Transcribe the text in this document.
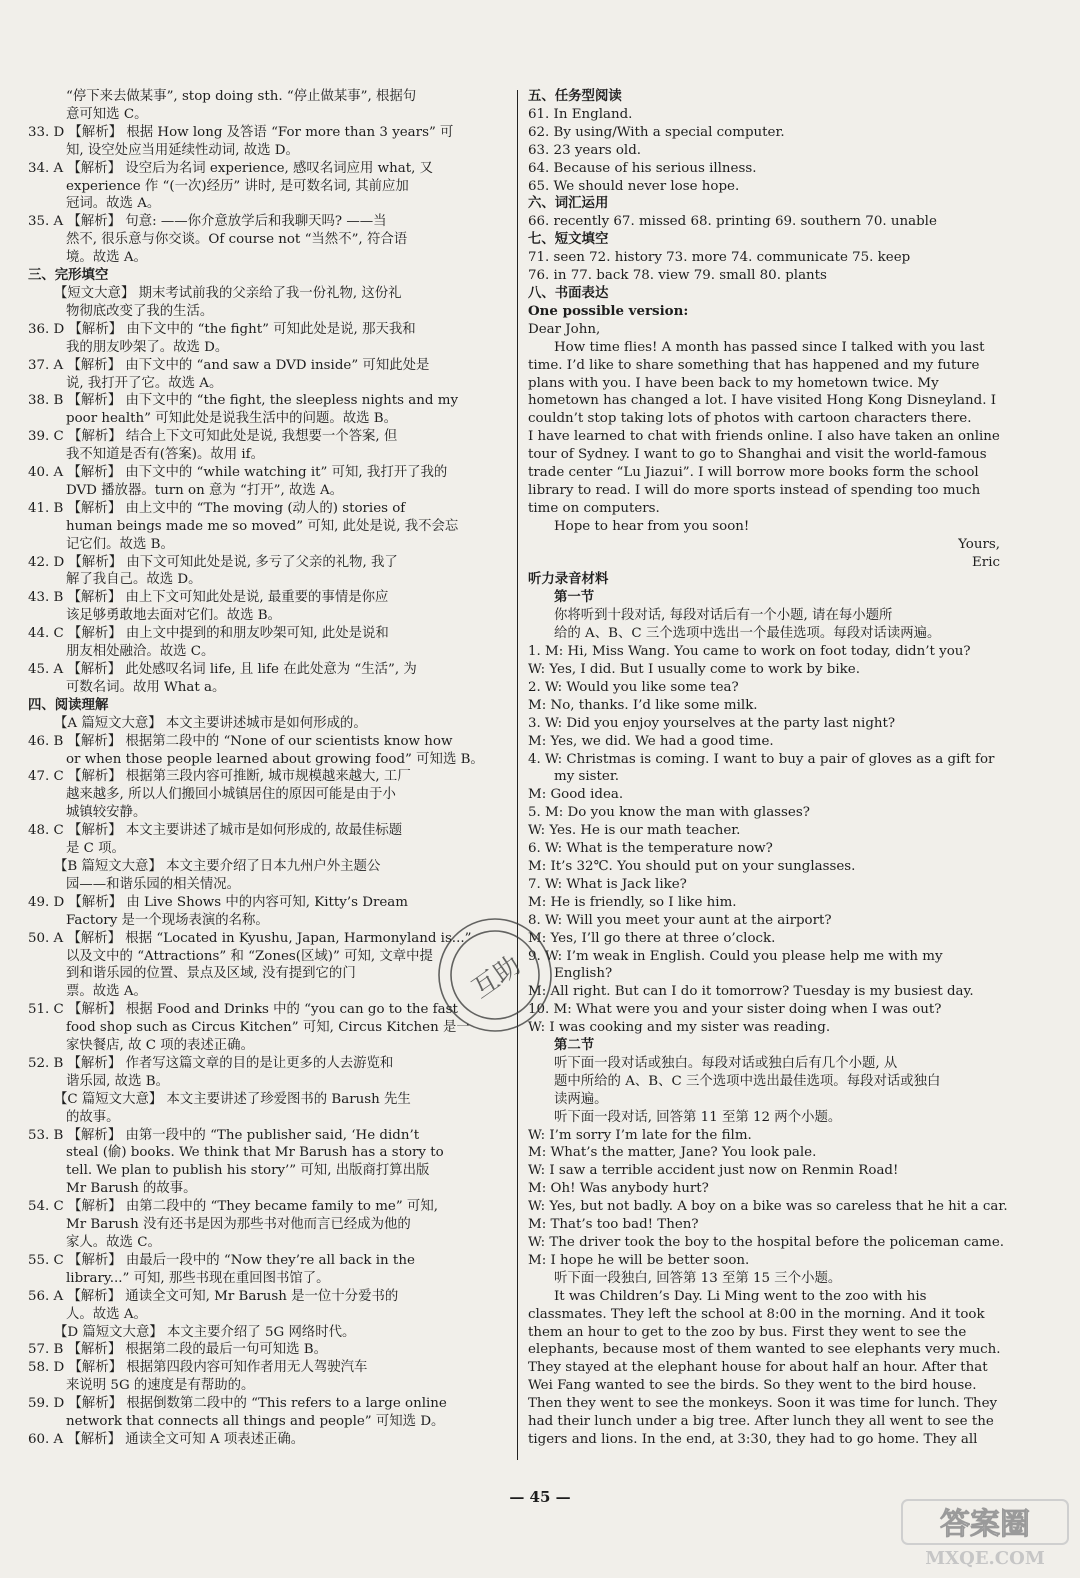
“停下来去做某事”, stop doing sth. “停止做某事”, 根据句
意可知选 C。
33. D 【解析】 根据 How long 及答语 “For more than 3 years” 可
知, 设空处应当用延续性动词, 故选 D。
34. A 【解析】 设空后为名词 experience, 感叹名词应用 what, 又
experience 作 “(一次)经历” 讲时, 是可数名词, 其前应加
冠词。故选 A。
35. A 【解析】 句意: ——你介意放学后和我聊天吗? ——当
然不, 很乐意与你交谈。Of course not “当然不”, 符合语
境。故选 A。
三、完形填空
【短文大意】 期末考试前我的父亲给了我一份礼物, 这份礼
物彻底改变了我的生活。
36. D 【解析】 由下文中的 “the fight” 可知此处是说, 那天我和
我的朋友吵架了。故选 D。
37. A 【解析】 由下文中的 “and saw a DVD inside” 可知此处是
说, 我打开了它。故选 A。
38. B 【解析】 由下文中的 “the fight, the sleepless nights and my
poor health” 可知此处是说我生活中的问题。故选 B。
39. C 【解析】 结合上下文可知此处是说, 我想要一个答案, 但
我不知道是否有(答案)。故用 if。
40. A 【解析】 由下文中的 “while watching it” 可知, 我打开了我的
DVD 播放器。turn on 意为 “打开”, 故选 A。
41. B 【解析】 由上文中的 “The moving (动人的) stories of
human beings made me so moved” 可知, 此处是说, 我不会忘
记它们。故选 B。
42. D 【解析】 由下文可知此处是说, 多亏了父亲的礼物, 我了
解了我自己。故选 D。
43. B 【解析】 由上下文可知此处是说, 最重要的事情是你应
该足够勇敢地去面对它们。故选 B。
44. C 【解析】 由上文中提到的和朋友吵架可知, 此处是说和
朋友相处融洽。故选 C。
45. A 【解析】 此处感叹名词 life, 且 life 在此处意为 “生活”, 为
可数名词。故用 What a。
四、阅读理解
【A 篇短文大意】 本文主要讲述城市是如何形成的。
46. B 【解析】 根据第二段中的 “None of our scientists know how
or when those people learned about growing food” 可知选 B。
47. C 【解析】 根据第三段内容可推断, 城市规模越来越大, 工厂
越来越多, 所以人们搬回小城镇居住的原因可能是由于小
城镇较安静。
48. C 【解析】 本文主要讲述了城市是如何形成的, 故最佳标题
是 C 项。
【B 篇短文大意】 本文主要介绍了日本九州户外主题公
园——和谐乐园的相关情况。
49. D 【解析】 由 Live Shows 中的内容可知, Kitty’s Dream
Factory 是一个现场表演的名称。
50. A 【解析】 根据 “Located in Kyushu, Japan, Harmonyland is...”
以及文中的 “Attractions” 和 “Zones(区域)” 可知, 文章中提
到和谐乐园的位置、景点及区域, 没有提到它的门
票。故选 A。
51. C 【解析】 根据 Food and Drinks 中的 “you can go to the fast
food shop such as Circus Kitchen” 可知, Circus Kitchen 是一
家快餐店, 故 C 项的表述正确。
52. B 【解析】 作者写这篇文章的目的是让更多的人去游览和
谐乐园, 故选 B。
【C 篇短文大意】 本文主要讲述了珍爱图书的 Barush 先生
的故事。
53. B 【解析】 由第一段中的 “The publisher said, ‘He didn’t
steal (偷) books. We think that Mr Barush has a story to
tell. We plan to publish his story’” 可知, 出版商打算出版
Mr Barush 的故事。
54. C 【解析】 由第二段中的 “They became family to me” 可知,
Mr Barush 没有还书是因为那些书对他而言已经成为他的
家人。故选 C。
55. C 【解析】 由最后一段中的 “Now they’re all back in the
library...” 可知, 那些书现在重回图书馆了。
56. A 【解析】 通读全文可知, Mr Barush 是一位十分爱书的
人。故选 A。
【D 篇短文大意】 本文主要介绍了 5G 网络时代。
57. B 【解析】 根据第二段的最后一句可知选 B。
58. D 【解析】 根据第四段内容可知作者用无人驾驶汽车
来说明 5G 的速度是有帮助的。
59. D 【解析】 根据倒数第二段中的 “This refers to a large online
network that connects all things and people” 可知选 D。
60. A 【解析】 通读全文可知 A 项表述正确。
五、任务型阅读
61. In England.
62. By using/With a special computer.
63. 23 years old.
64. Because of his serious illness.
65. We should never lose hope.
六、词汇运用
66. recently 67. missed 68. printing 69. southern 70. unable
七、短文填空
71. seen 72. history 73. more 74. communicate 75. keep
76. in 77. back 78. view 79. small 80. plants
八、书面表达
One possible version:
Dear John,
How time flies! A month has passed since I talked with you last
time. I’d like to share something that has happened and my future
plans with you. I have been back to my hometown twice. My
hometown has changed a lot. I have visited Hong Kong Disneyland. I
couldn’t stop taking lots of photos with cartoon characters there.
I have learned to chat with friends online. I also have taken an online
tour of Sydney. I want to go to Shanghai and visit the world-famous
trade center “Lu Jiazui”. I will borrow more books form the school
library to read. I will do more sports instead of spending too much
time on computers.
Hope to hear from you soon!
Yours,
Eric
听力录音材料
第一节
你将听到十段对话, 每段对话后有一个小题, 请在每小题所
给的 A、B、C 三个选项中选出一个最佳选项。每段对话读两遍。
1. M: Hi, Miss Wang. You came to work on foot today, didn’t you?
W: Yes, I did. But I usually come to work by bike.
2. W: Would you like some tea?
M: No, thanks. I’d like some milk.
3. W: Did you enjoy yourselves at the party last night?
M: Yes, we did. We had a good time.
4. W: Christmas is coming. I want to buy a pair of gloves as a gift for
my sister.
M: Good idea.
5. M: Do you know the man with glasses?
W: Yes. He is our math teacher.
6. W: What is the temperature now?
M: It’s 32℃. You should put on your sunglasses.
7. W: What is Jack like?
M: He is friendly, so I like him.
8. W: Will you meet your aunt at the airport?
M: Yes, I’ll go there at three o’clock.
9. W: I’m weak in English. Could you please help me with my
English?
M: All right. But can I do it tomorrow? Tuesday is my busiest day.
10. M: What were you and your sister doing when I was out?
W: I was cooking and my sister was reading.
第二节
听下面一段对话或独白。每段对话或独白后有几个小题, 从
题中所给的 A、B、C 三个选项中选出最佳选项。每段对话或独白
读两遍。
听下面一段对话, 回答第 11 至第 12 两个小题。
W: I’m sorry I’m late for the film.
M: What’s the matter, Jane? You look pale.
W: I saw a terrible accident just now on Renmin Road!
M: Oh! Was anybody hurt?
W: Yes, but not badly. A boy on a bike was so careless that he hit a car.
M: That’s too bad! Then?
W: The driver took the boy to the hospital before the policeman came.
M: I hope he will be better soon.
听下面一段独白, 回答第 13 至第 15 三个小题。
It was Children’s Day. Li Ming went to the zoo with his
classmates. They left the school at 8:00 in the morning. And it took
them an hour to get to the zoo by bus. First they went to see the
elephants, because most of them wanted to see elephants very much.
They stayed at the elephant house for about half an hour. After that
Wei Fang wanted to see the birds. So they went to the bird house.
Then they went to see the monkeys. Soon it was time for lunch. They
had their lunch under a big tree. After lunch they all went to see the
tigers and lions. In the end, at 3:30, they had to go home. They all
— 45 —
互助
答案圈
MXQE.COM
